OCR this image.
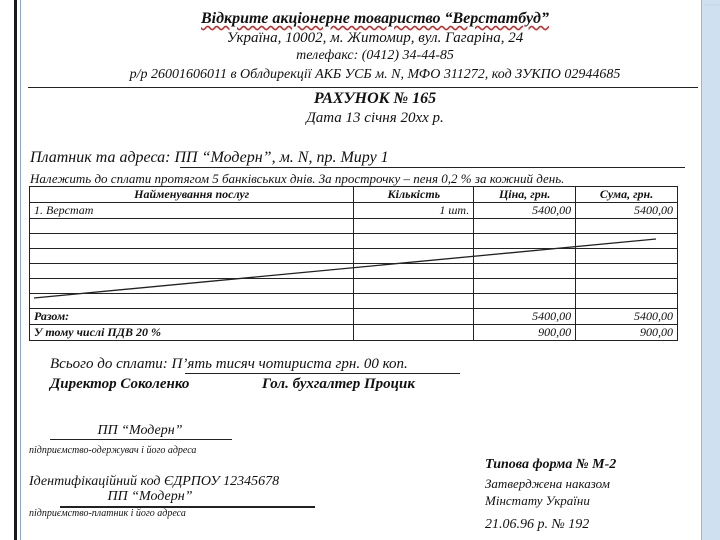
Відкрите акціонерне товариство “Верстатбуд”
Україна, 10002, м. Житомир, вул. Гагаріна, 24
телефакс: (0412) 34-44-85
р/р 26001606011 в Облдирекції АКБ УСБ м. N, МФО 311272, код ЗУКПО 02944685
РАХУНОК № 165
Дата 13 січня 20хх р.
Платник та адреса: ПП “Модерн”, м. N, пр. Миру 1
Належить до сплати протягом 5 банківських днів. За прострочку – пеня 0,2 % за кожний день.
Найменування послуг	Кількість	Ціна, грн.	Сума, грн.
1. Верстат	1 шт.	5400,00	5400,00

Разом:		5400,00	5400,00
У тому числі ПДВ 20 %		900,00	900,00
Всього до сплати: П’ять тисяч чотириста грн. 00 коп.
Директор Соколенко	Гол. бухгалтер Процик
ПП “Модерн”
підприємство-одержувач і його адреса
Ідентифікаційний код ЄДРПОУ 12345678
ПП “Модерн”
підприємство-платник і його адреса
Типова форма № М-2
Затверджена наказом
Мінстату України
21.06.96 р. № 192
